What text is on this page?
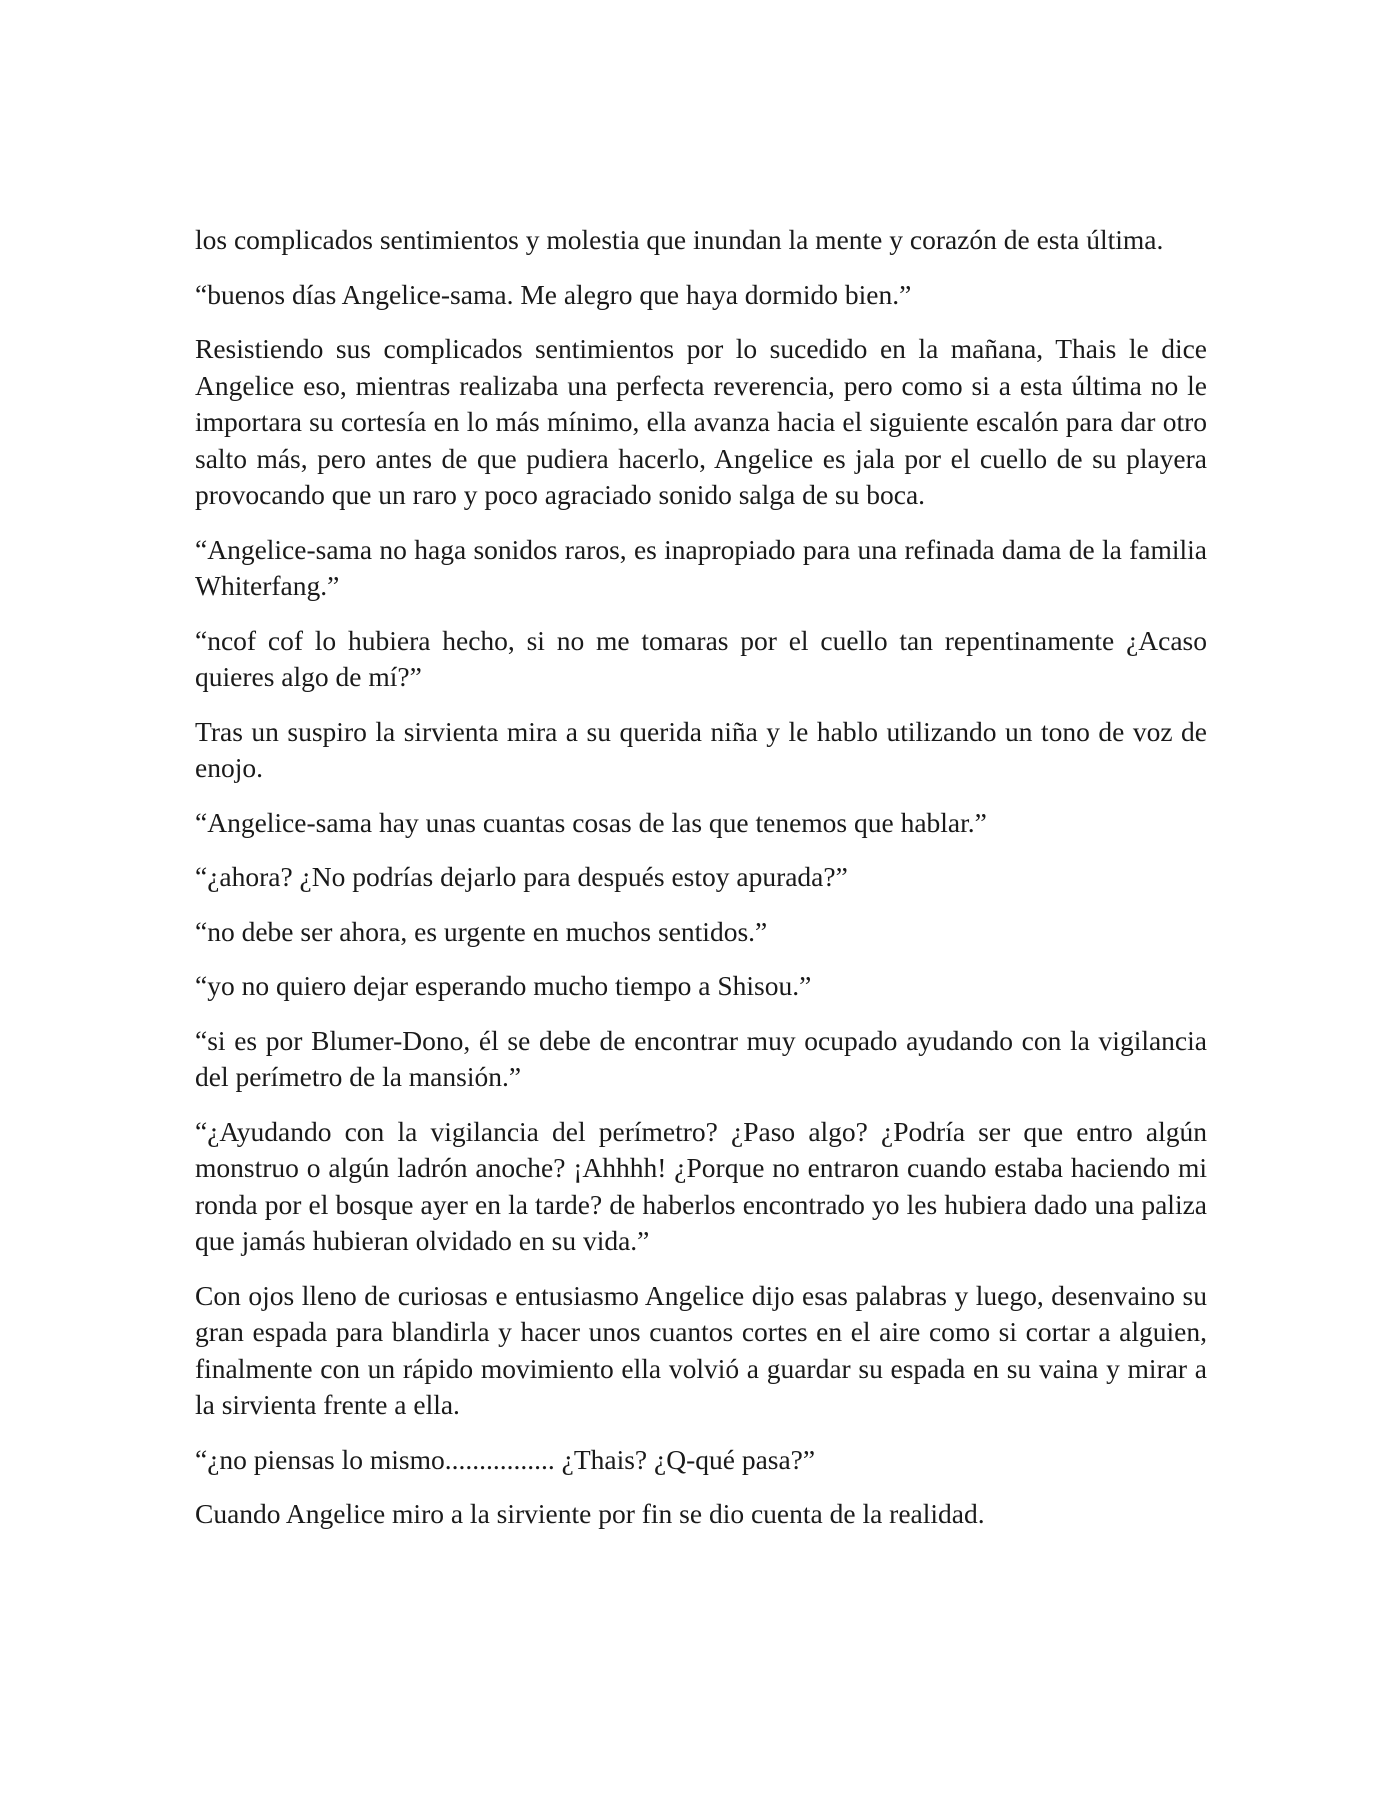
los complicados sentimientos y molestia que inundan la mente y corazón de esta última.

“buenos días Angelice-sama. Me alegro que haya dormido bien.”

Resistiendo sus complicados sentimientos por lo sucedido en la mañana, Thais le dice Angelice eso, mientras realizaba una perfecta reverencia, pero como si a esta última no le importara su cortesía en lo más mínimo, ella avanza hacia el siguiente escalón para dar otro salto más, pero antes de que pudiera hacerlo, Angelice es jala por el cuello de su playera provocando que un raro y poco agraciado sonido salga de su boca.

“Angelice-sama no haga sonidos raros, es inapropiado para una refinada dama de la familia Whiterfang.”

“ncof cof lo hubiera hecho, si no me tomaras por el cuello tan repentinamente ¿Acaso quieres algo de mí?”

Tras un suspiro la sirvienta mira a su querida niña y le hablo utilizando un tono de voz de enojo.

“Angelice-sama hay unas cuantas cosas de las que tenemos que hablar.”

“¿ahora? ¿No podrías dejarlo para después estoy apurada?”

“no debe ser ahora, es urgente en muchos sentidos.”

“yo no quiero dejar esperando mucho tiempo a Shisou.”

“si es por Blumer-Dono, él se debe de encontrar muy ocupado ayudando con la vigilancia del perímetro de la mansión.”

“¿Ayudando con la vigilancia del perímetro? ¿Paso algo? ¿Podría ser que entro algún monstruo o algún ladrón anoche? ¡Ahhhh! ¿Porque no entraron cuando estaba haciendo mi ronda por el bosque ayer en la tarde? de haberlos encontrado yo les hubiera dado una paliza que jamás hubieran olvidado en su vida.”

Con ojos lleno de curiosas e entusiasmo Angelice dijo esas palabras y luego, desenvaino su gran espada para blandirla y hacer unos cuantos cortes en el aire como si cortar a alguien, finalmente con un rápido movimiento ella volvió a guardar su espada en su vaina y mirar a la sirvienta frente a ella.

“¿no piensas lo mismo................ ¿Thais? ¿Q-qué pasa?”

Cuando Angelice miro a la sirviente por fin se dio cuenta de la realidad.
